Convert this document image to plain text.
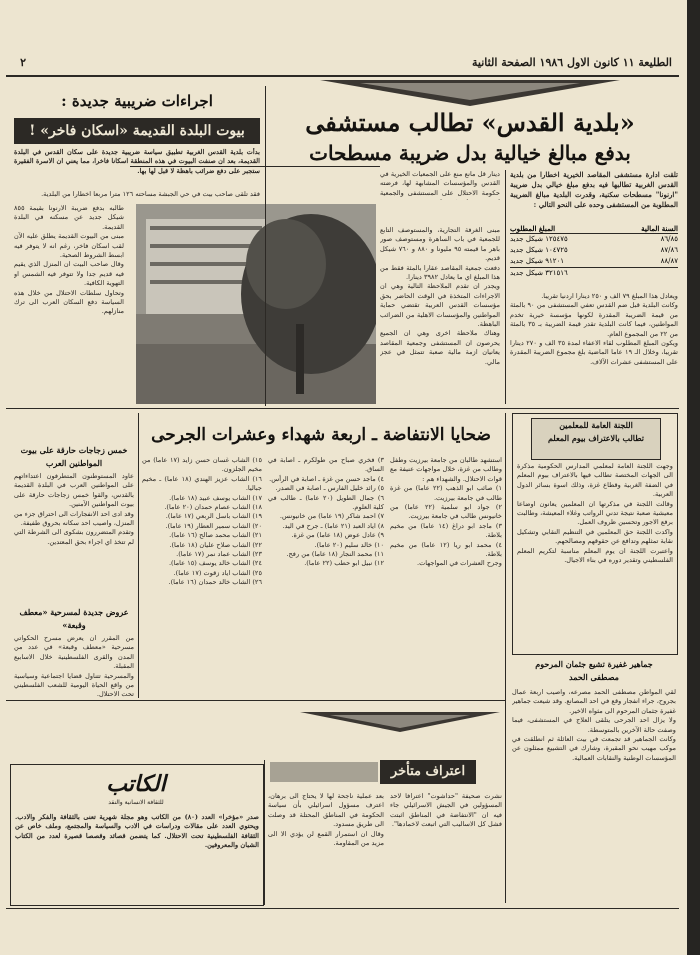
الطليعة ١١ كانون الاول ١٩٨٦ الصفحة الثانية
٢
«بلدية القدس» تطالب مستشفى
بدفع مبالغ خيالية بدل ضريبة مسطحات
تلقت ادارة مستشفى المقاصد الخيرية اخطارا من بلدية القدس الغربية تطالبها فيه بدفع مبلغ خيالي بدل ضريبة "ارنونا" مسطحات سكنية، وقدرت البلدية مبالغ الضريبة المطلوبة من المستشفى وحده على النحو التالي :
السنة المالية
المبلغ المطلوب
٨٦/٨٥
١٢٥٤٧٥ شيكل جديد
٨٧/٨٦
١٠٤٧٢٥ شيكل جديد
٨٨/٨٧
٩١٢٠١ شيكل جديد
٣٢١٥١٦ شيكل جديد
ويعادل هذا المبلغ ٧٩ الف و ٢٥٠ دينارا اردنيا تقريبا.
وكانت البلدية قبل ضم القدس تعفي المستشفى من ٩٠ بالمئة من قيمة الضريبة المقدرة لكونها مؤسسة خيرية تخدم المواطنين، فيما كانت البلدية تقدر قيمة الضريبة بـ ٣٥ بالمئة من ٢٢ من المجموع العام.
ويكون المبلغ المطلوب لقاء الاعفاء لمدة ٣٥ الف و ٢٧٠ دينارا تقريبا، وخلال الـ ١٩ عاما الماضية بلغ مجموع الضريبة المقدرة على المستشفى عشرات الآلاف.
دينار قل مانع منع على الجمعيات الخيرية في القدس والمؤسسات المشابهة لها، فرضته حكومة الاحتلال على المستشفى والجمعية
مبنى الغرفة التجارية، والمستوصف التابع للجمعية في باب الساهرة ومستوصف صور باهر ما قيمته ٩٥ مليونا و ٨٨٠ و ٧٦٠ شيكل قديم.
دفعت جمعية المقاصد عقارا بالمئة فقط من هذا المبلغ اي ما يعادل ٣٩٨٢ دينارا.
ويجدر ان تقدم الملاحظة التالية وهي ان الاجراءات المتخذة في الوقت الحاضر بحق مؤسسات القدس العربية تقتضي حماية المواطنين والمؤسسات الاهلية من الضرائب الباهظة.
وهناك ملاحظة اخرى وهي ان الجميع يحرصون ان المستشفى وجمعية المقاصد يعانيان ازمة مالية صعبة تتمثل في عجز مالي.
اجراءات ضريبية جديدة :
بيوت البلدة القديمة «اسكان فاخر» !
بدأت بلدية القدس الغربية تطبيق سياسة ضريبية جديدة على سكان القدس في البلدة القديمة، بعد ان صنفت البيوت في هذه المنطقة اسكانا فاخرا، مما يعني ان الاسرة الفقيرة ستجبر على دفع ضرائب باهظة لا قبل لها بها.
فقد تلقى صاحب بيت في حي الجبشة مساحته ١٢٦ مترا مربعا اخطارا من البلدية.
طالبه بدفع ضريبة الارنونا بقيمة ٨٥٥ شيكل جديد عن مسكنه في البلدة القديمة.
مبنى من البيوت القديمة يطلق عليه الآن لقب اسكان فاخر، رغم انه لا يتوفر فيه ابسط الشروط الصحية.
وقال صاحب البيت ان المنزل الذي يقيم فيه قديم جدا ولا تتوفر فيه الشمس او التهوية الكافية.
وتحاول سلطات الاحتلال من خلال هذه السياسة دفع السكان العرب الى ترك منازلهم.
اللجنة العامة للمعلمين
تطالب بالاعتراف بيوم المعلم
وجهت اللجنة العامة لمعلمي المدارس الحكومية مذكرة الى الجهات المختصة تطالب فيها بالاعتراف بيوم المعلم في الضفة الغربية وقطاع غزة، وذلك اسوة بسائر الدول العربية.
وقالت اللجنة في مذكرتها ان المعلمين يعانون اوضاعا معيشية صعبة نتيجة تدني الرواتب وغلاء المعيشة، وطالبت برفع الاجور وتحسين ظروف العمل.
واكدت اللجنة حق المعلمين في التنظيم النقابي وتشكيل نقابة تمثلهم وتدافع عن حقوقهم ومصالحهم.
واعتبرت اللجنة ان يوم المعلم مناسبة لتكريم المعلم الفلسطيني وتقدير دوره في بناء الاجيال.
جماهير غفيرة تشيع جثمان المرحوم
مصطفى الحمد
لقي المواطن مصطفى الحمد مصرعه، واصيب اربعة عمال بجروح، جراء انفجار وقع في احد المصانع. وقد شيعت جماهير غفيرة جثمان المرحوم الى مثواه الاخير.
ولا يزال احد الجرحى يتلقى العلاج في المستشفى، فيما وصفت حالة الآخرين بالمتوسطة.
وكانت الجماهير قد تجمعت في بيت العائلة ثم انطلقت في موكب مهيب نحو المقبرة، وشارك في التشييع ممثلون عن المؤسسات الوطنية والنقابات العمالية.
ضحايا الانتفاضة ـ اربعة شهداء وعشرات الجرحى
استشهد طالبان من جامعة بيرزيت وطفل وطالب من غزة، خلال مواجهات عنيفة مع قوات الاحتلال. والشهداء هم :
١) صائب ابو الذهب (٢٢ عاما) من غزة طالب في جامعة بيرزيت.
٢) جواد ابو سلمية (٢٢ عاما) من خانيونس طالب في جامعة بيرزيت.
٣) ماجد ابو دراغ (١٤ عاما) من مخيم بلاطة.
٤) محمد ابو ريا (١٢ عاما) من مخيم بلاطة.
وجرح العشرات في المواجهات.
٣) فخري صباح من طولكرم ـ اصابة في الساق.
٤) ماجد حسن من غزة ـ اصابة في الرأس.
٥) رائد خليل الفارس ـ اصابة في الصدر.
٦) جمال الطويل (٢٠ عاما) ـ طالب في كلية العلوم.
٧) احمد شاكر (١٩ عاما) من خانيونس.
٨) اياد العبد (٢١ عاما) ـ جرح في اليد.
٩) عادل عوض (١٨ عاما) من غزة.
١٠) خالد سليم (٢٠ عاما).
١١) محمد النجار (١٨ عاما) من رفح.
١٢) نبيل ابو حطب (٢٢ عاما).
١٥) الشاب غسان حسن زايد (١٧ عاما) من مخيم الجلزون.
١٦) الشاب عزيز الهندي (١٨ عاما) ـ مخيم جباليا.
١٧) الشاب يوسف عبيد (١٨ عاما).
١٨) الشاب عصام حمدان (٢٠ عاما).
١٩) الشاب باسل الربعي (١٧ عاما).
٢٠) الشاب سمير العطار (١٩ عاما).
٢١) الشاب محمد صالح (١٦ عاما).
٢٢) الشاب صلاح عليان (١٨ عاما).
٢٣) الشاب عماد نمر (١٧ عاما).
٢٤) الشاب خالد يوسف (١٥ عاما).
٢٥) الشاب اياد زقوت (١٧ عاما).
٢٦) الشاب خالد حمدان (١٦ عاما).
خمس زجاجات حارقة على بيوت
المواطنين العرب
عاود المستوطنون المتطرفون اعتداءاتهم على المواطنين العرب في البلدة القديمة بالقدس، والقوا خمس زجاجات حارقة على بيوت المواطنين الآمنين.
وقد ادى احد الانفجارات الى احتراق جزء من المنزل، واصيب احد سكانه بحروق طفيفة.
وتقدم المتضررون بشكوى الى الشرطة التي لم تتخذ اي اجراء بحق المعتدين.
عروض جديدة لمسرحية «معطف
وقبعة»
من المقرر ان يعرض مسرح الحكواتي مسرحية «معطف وقبعة» في عدد من المدن والقرى الفلسطينية خلال الاسابيع المقبلة.
والمسرحية تتناول قضايا اجتماعية وسياسية من واقع الحياة اليومية للشعب الفلسطيني تحت الاحتلال.
الكاتب
للثقافة الانسانية والنقد
صدر «مؤخرا» العدد (٨٠) من الكاتب وهو مجلة شهرية تعنى بالثقافة والفكر والادب. ويحتوي العدد على مقالات ودراسات في الادب والسياسة والمجتمع، وملف خاص عن الثقافة الفلسطينية تحت الاحتلال. كما يتضمن قصائد وقصصا قصيرة لعدد من الكتاب الشبان والمعروفين.
اعتراف متأخر
نشرت صحيفة "حداشوت" اعترافا لاحد المسؤولين في الجيش الاسرائيلي جاء فيه ان "الانتفاضة في المناطق اثبتت فشل كل الاساليب التي اتبعت لاخمادها".
بعد عملية ناجحة لها لا يحتاج الى برهان، اعترف مسؤول اسرائيلي بأن سياسة الحكومة في المناطق المحتلة قد وصلت الى طريق مسدود.
وقال ان استمرار القمع لن يؤدي الا الى مزيد من المقاومة.
